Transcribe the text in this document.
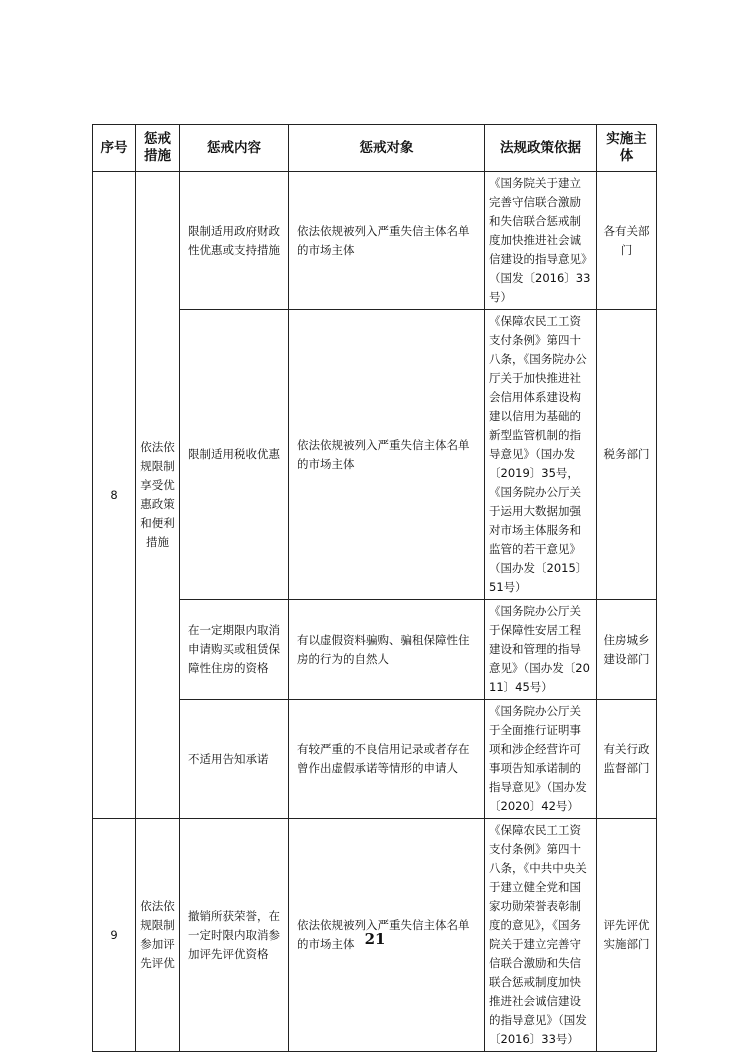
序号	惩戒措施	惩戒内容	惩戒对象	法规政策依据	实施主体
8	依法依规限制享受优惠政策和便利措施	限制适用政府财政性优惠或支持措施	依法依规被列入严重失信主体名单的市场主体	《国务院关于建立完善守信联合激励和失信联合惩戒制度加快推进社会诚信建设的指导意见》（国发〔2016〕33号）	各有关部门
		限制适用税收优惠	依法依规被列入严重失信主体名单的市场主体	《保障农民工工资支付条例》第四十八条，《国务院办公厅关于加快推进社会信用体系建设构建以信用为基础的新型监管机制的指导意见》（国办发〔2019〕35号，《国务院办公厅关于运用大数据加强对市场主体服务和监管的若干意见》（国办发〔2015〕51号）	税务部门
		在一定期限内取消申请购买或租赁保障性住房的资格	有以虚假资料骗购、骗租保障性住房的行为的自然人	《国务院办公厅关于保障性安居工程建设和管理的指导意见》（国办发〔2011〕45号）	住房城乡建设部门
		不适用告知承诺	有较严重的不良信用记录或者存在曾作出虚假承诺等情形的申请人	《国务院办公厅关于全面推行证明事项和涉企经营许可事项告知承诺制的指导意见》（国办发〔2020〕42号）	有关行政监督部门
9	依法依规限制参加评先评优	撤销所获荣誉，在一定时限内取消参加评先评优资格	依法依规被列入严重失信主体名单的市场主体	《保障农民工工资支付条例》第四十八条，《中共中央关于建立健全党和国家功勋荣誉表彰制度的意见》，《国务院关于建立完善守信联合激励和失信联合惩戒制度加快推进社会诚信建设的指导意见》（国发〔2016〕33号）	评先评优实施部门
21
